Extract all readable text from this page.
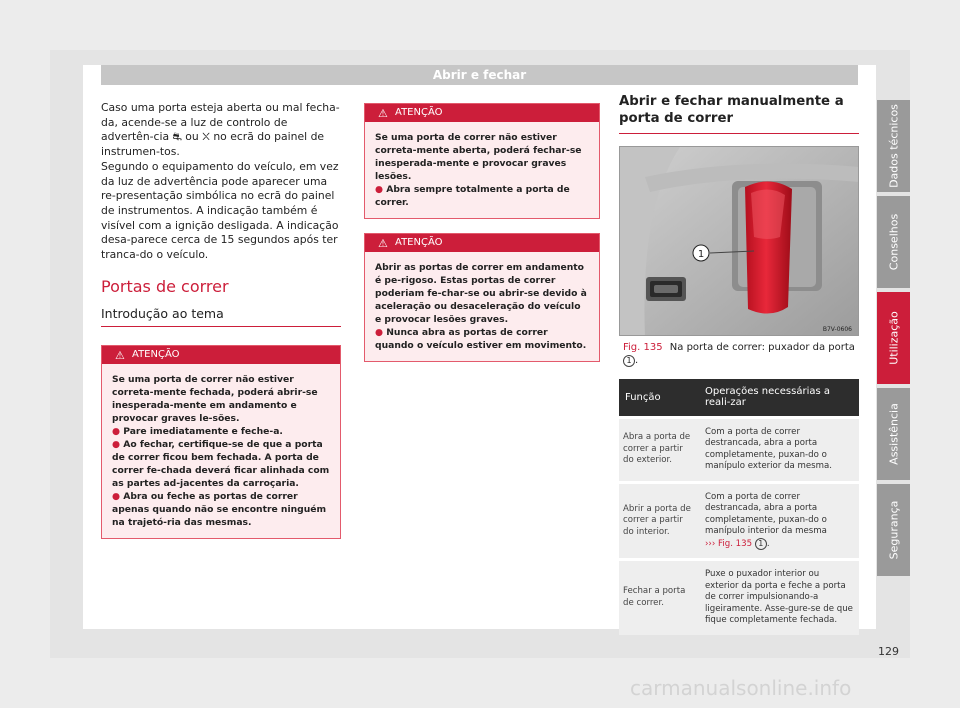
Abrir e fechar

Caso uma porta esteja aberta ou mal fecha-da, acende-se a luz de controlo de advertên-cia ⛐ ou ⛌ no ecrã do painel de instrumen-tos.

Segundo o equipamento do veículo, em vez da luz de advertência pode aparecer uma re-presentação simbólica no ecrã do painel de instrumentos. A indicação também é visível com a ignição desligada. A indicação desa-parece cerca de 15 segundos após ter tranca-do o veículo.

Portas de correr
Introdução ao tema
⚠ ATENÇÃO
Se uma porta de correr não estiver correta-mente fechada, poderá abrir-se inesperada-mente em andamento e provocar graves le-sões.
● Pare imediatamente e feche-a.
● Ao fechar, certifique-se de que a porta de correr ficou bem fechada. A porta de correr fe-chada deverá ficar alinhada com as partes ad-jacentes da carroçaria.
● Abra ou feche as portas de correr apenas quando não se encontre ninguém na trajetó-ria das mesmas.
⚠ ATENÇÃO
Se uma porta de correr não estiver correta-mente aberta, poderá fechar-se inesperada-mente e provocar graves lesões.
● Abra sempre totalmente a porta de correr.
⚠ ATENÇÃO
Abrir as portas de correr em andamento é pe-rigoso. Estas portas de correr poderiam fe-char-se ou abrir-se devido à aceleração ou desaceleração do veículo e provocar lesões graves.
● Nunca abra as portas de correr quando o veículo estiver em movimento.
Abrir e fechar manualmente a porta de correr
1
B7V-0606
Fig. 135 Na porta de correr: puxador da porta
1 .
Função	Operações necessárias a reali-zar
Abra a porta de correr a partir do exterior.	Com a porta de correr destrancada, abra a porta completamente, puxan-do o manípulo exterior da mesma.
Abrir a porta de correr a partir do interior.	Com a porta de correr destrancada, abra a porta completamente, puxan-do o manípulo interior da mesma
››› Fig. 135 1 .
Fechar a porta de correr.	Puxe o puxador interior ou exterior da porta e feche a porta de correr impulsionando-a ligeiramente. Asse-gure-se de que fique completamente fechada.
Dados técnicos
Conselhos
Utilização
Assistência
Segurança
129
carmanualsonline.info
